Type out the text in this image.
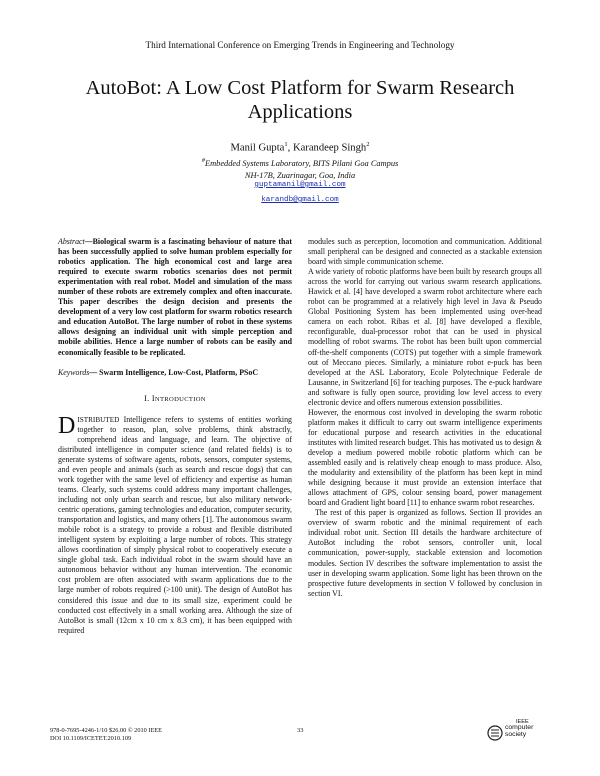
Third International Conference on Emerging Trends in Engineering and Technology
AutoBot: A Low Cost Platform for Swarm Research Applications
Manil Gupta$^1$, Karandeep Singh$^2$
#Embedded Systems Laboratory, BITS Pilani Goa Campus
NH-17B, Zuarinagar, Goa, India
guptamanil@gmail.com
karandb@gmail.com

Abstract—Biological swarm is a fascinating behaviour of nature that has been successfully applied to solve human problem especially for robotics application. The high economical cost and large area required to execute swarm robotics scenarios does not permit experimentation with real robot. Model and simulation of the mass number of these robots are extremely complex and often inaccurate. This paper describes the design decision and presents the development of a very low cost platform for swarm robotics research and education AutoBot. The large number of robot in these systems allows designing an individual unit with simple perception and mobile abilities. Hence a large number of robots can be easily and economically feasible to be replicated.

Keywords— Swarm Intelligence, Low-Cost, Platform, PSoC

I. INTRODUCTION

DISTRIBUTED Intelligence refers to systems of entities working together to reason, plan, solve problems, think abstractly, comprehend ideas and language, and learn. The objective of distributed intelligence in computer science (and related fields) is to generate systems of software agents, robots, sensors, computer systems, and even people and animals (such as search and rescue dogs) that can work together with the same level of efficiency and expertise as human teams. Clearly, such systems could address many important challenges, including not only urban search and rescue, but also military network-centric operations, gaming technologies and education, computer security, transportation and logistics, and many others [1]. The autonomous swarm mobile robot is a strategy to provide a robust and flexible distributed intelligent system by exploiting a large number of robots. This strategy allows coordination of simply physical robot to cooperatively execute a single global task. Each individual robot in the swarm should have an autonomous behavior without any human intervention. The economic cost problem are often associated with swarm applications due to the large number of robots required (>100 unit). The design of AutoBot has considered this issue and due to its small size, experiment could be conducted cost effectively in a small working area. Although the size of AutoBot is small (12cm x 10 cm x 8.3 cm), it has been equipped with required

modules such as perception, locomotion and communication. Additional small peripheral can be designed and connected as a stackable extension board with simple communication scheme.

A wide variety of robotic platforms have been built by research groups all across the world for carrying out various swarm research applications. Hawick et al. [4] have developed a swarm robot architecture where each robot can be programmed at a relatively high level in Java & Pseudo Global Positioning System has been implemented using over-head camera on each robot. Ribas et al. [8] have developed a flexible, reconfigurable, dual-processor robot that can be used in physical modelling of robot swarms. The robot has been built upon commercial off-the-shelf components (COTS) put together with a simple framework out of Meccano pieces. Similarly, a miniature robot e-puck has been developed at the ASL Laboratory, Ecole Polytechnique Federale de Lausanne, in Switzerland [6] for teaching purposes. The e-puck hardware and software is fully open source, providing low level access to every electronic device and offers numerous extension possibilities.

However, the enormous cost involved in developing the swarm robotic platform makes it difficult to carry out swarm intelligence experiments for educational purpose and research activities in the educational institutes with limited research budget. This has motivated us to design & develop a medium powered mobile robotic platform which can be assembled easily and is relatively cheap enough to mass produce. Also, the modularity and extensibility of the platform has been kept in mind while designing because it must provide an extension interface that allows attachment of GPS, colour sensing board, power management board and Gradient light board [11] to enhance swarm robot researches.

The rest of this paper is organized as follows. Section II provides an overview of swarm robotic and the minimal requirement of each individual robot unit. Section III details the hardware architecture of AutoBot including the robot sensors, controller unit, local communication, power-supply, stackable extension and locomotion modules. Section IV describes the software implementation to assist the user in developing swarm application. Some light has been thrown on the prospective future developments in section V followed by conclusion in section VI.

978-0-7695-4246-1/10 $26.00 © 2010 IEEE
DOI 10.1109/ICETET.2010.109
33
IEEE
computer
society
